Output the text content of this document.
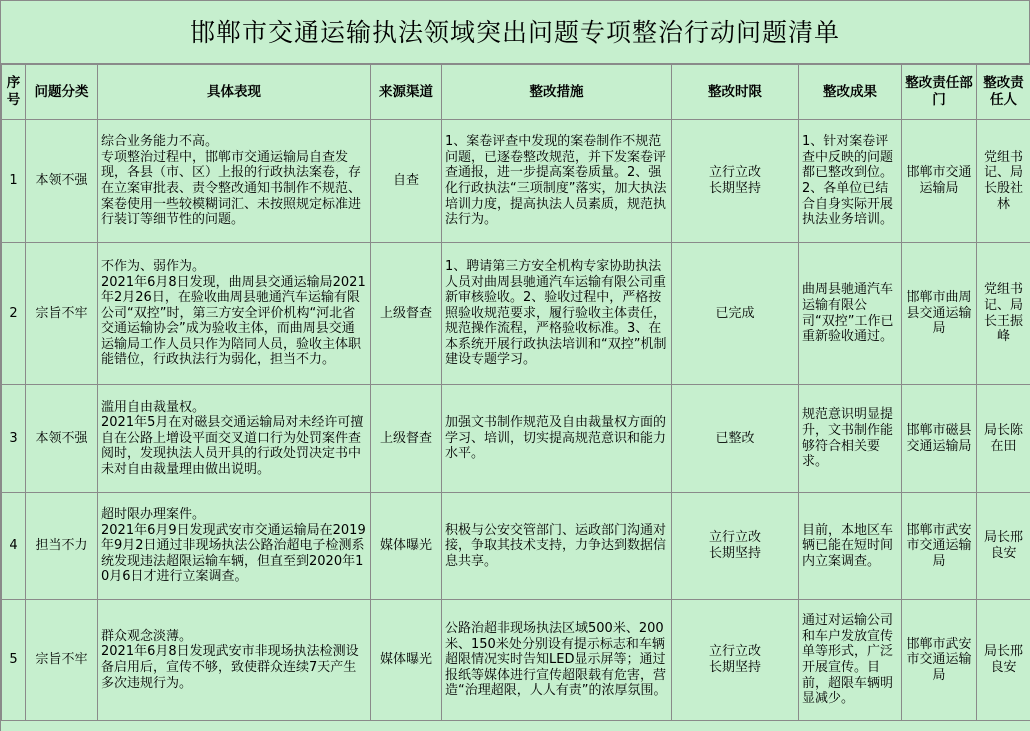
邯郸市交通运输执法领域突出问题专项整治行动问题清单
序号	问题分类	具体表现	来源渠道	整改措施	整改时限	整改成果	整改责任部门	整改责任人
1	本领不强	综合业务能力不高。
专项整治过程中，邯郸市交通运输局自查发现，各县（市、区）上报的行政执法案卷，存在立案审批表、责令整改通知书制作不规范、案卷使用一些较模糊词汇、未按照规定标准进行装订等细节性的问题。	自查	1、案卷评查中发现的案卷制作不规范问题，已逐卷整改规范，并下发案卷评查通报，进一步提高案卷质量。2、强化行政执法“三项制度”落实，加大执法培训力度，提高执法人员素质，规范执法行为。	立行立改
长期坚持	1、针对案卷评查中反映的问题都已整改到位。2、各单位已结合自身实际开展执法业务培训。	邯郸市交通运输局	党组书记、局长殷社林
2	宗旨不牢	不作为、弱作为。
2021年6月8日发现，曲周县交通运输局2021年2月26日，在验收曲周县驰通汽车运输有限公司“双控”时，第三方安全评价机构“河北省交通运输协会”成为验收主体，而曲周县交通运输局工作人员只作为陪同人员，验收主体职能错位，行政执法行为弱化，担当不力。	上级督查	1、聘请第三方安全机构专家协助执法人员对曲周县驰通汽车运输有限公司重新审核验收。2、验收过程中，严格按照验收规范要求，履行验收主体责任，规范操作流程，严格验收标准。3、在本系统开展行政执法培训和“双控”机制建设专题学习。	已完成	曲周县驰通汽车运输有限公司“双控”工作已重新验收通过。	邯郸市曲周县交通运输局	党组书记、局长王振峰
3	本领不强	滥用自由裁量权。
2021年5月在对磁县交通运输局对未经许可擅自在公路上增设平面交叉道口行为处罚案件查阅时，发现执法人员开具的行政处罚决定书中未对自由裁量理由做出说明。	上级督查	加强文书制作规范及自由裁量权方面的学习、培训，切实提高规范意识和能力水平。	已整改	规范意识明显提升，文书制作能够符合相关要求。	邯郸市磁县交通运输局	局长陈在田
4	担当不力	超时限办理案件。
2021年6月9日发现武安市交通运输局在2019年9月2日通过非现场执法公路治超电子检测系统发现违法超限运输车辆，但直至到2020年10月6日才进行立案调查。	媒体曝光	积极与公安交管部门、运政部门沟通对接，争取其技术支持，力争达到数据信息共享。	立行立改
长期坚持	目前，本地区车辆已能在短时间内立案调查。	邯郸市武安市交通运输局	局长邢良安
5	宗旨不牢	群众观念淡薄。
2021年6月8日发现武安市非现场执法检测设备启用后，宣传不够，致使群众连续7天产生多次违规行为。	媒体曝光	公路治超非现场执法区域500米、200米、150米处分别设有提示标志和车辆超限情况实时告知LED显示屏等；通过报纸等媒体进行宣传超限载有危害，营造“治理超限，人人有责”的浓厚氛围。	立行立改
长期坚持	通过对运输公司和车户发放宣传单等形式，广泛开展宣传。目前，超限车辆明显减少。	邯郸市武安市交通运输局	局长邢良安
